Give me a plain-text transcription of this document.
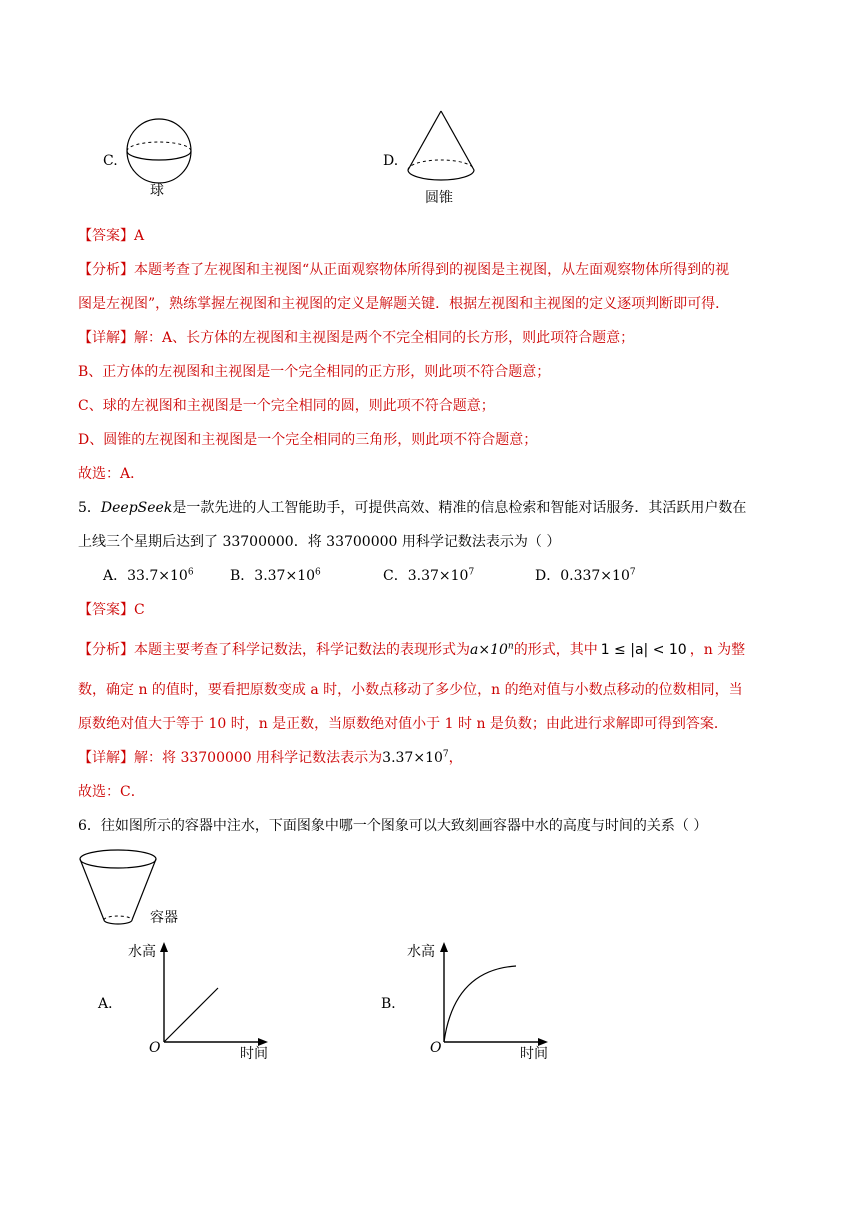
C.
球
D.
圆锥
【答案】A
【分析】本题考查了左视图和主视图“从正面观察物体所得到的视图是主视图，从左面观察物体所得到的视
图是左视图”，熟练掌握左视图和主视图的定义是解题关键．根据左视图和主视图的定义逐项判断即可得．
【详解】解：A、长方体的左视图和主视图是两个不完全相同的长方形，则此项符合题意；
B、正方体的左视图和主视图是一个完全相同的正方形，则此项不符合题意；
C、球的左视图和主视图是一个完全相同的圆，则此项不符合题意；
D、圆锥的左视图和主视图是一个完全相同的三角形，则此项不符合题意；
故选：A．
5．DeepSeek是一款先进的人工智能助手，可提供高效、精准的信息检索和智能对话服务．其活跃用户数在
上线三个星期后达到了 33700000．将 33700000 用科学记数法表示为（ ）
A．$33.7\times 10^6$	B．$3.37\times 10^6$	C．$3.37\times 10^7$	D．$0.337\times 10^7$
【答案】C
【分析】本题主要考查了科学记数法，科学记数法的表现形式为$a\times 10^n$的形式，其中 1 ≤ |a| < 10 ，n 为整
数，确定 n 的值时，要看把原数变成 a 时，小数点移动了多少位，n 的绝对值与小数点移动的位数相同，当
原数绝对值大于等于 10 时，n 是正数，当原数绝对值小于 1 时 n 是负数；由此进行求解即可得到答案．
【详解】解：将 33700000 用科学记数法表示为$3.37\times 10^7$，
故选：C．
6．往如图所示的容器中注水，下面图象中哪一个图象可以大致刻画容器中水的高度与时间的关系（ ）
容器
A．
水高
时间
O
B．
水高
时间
O
